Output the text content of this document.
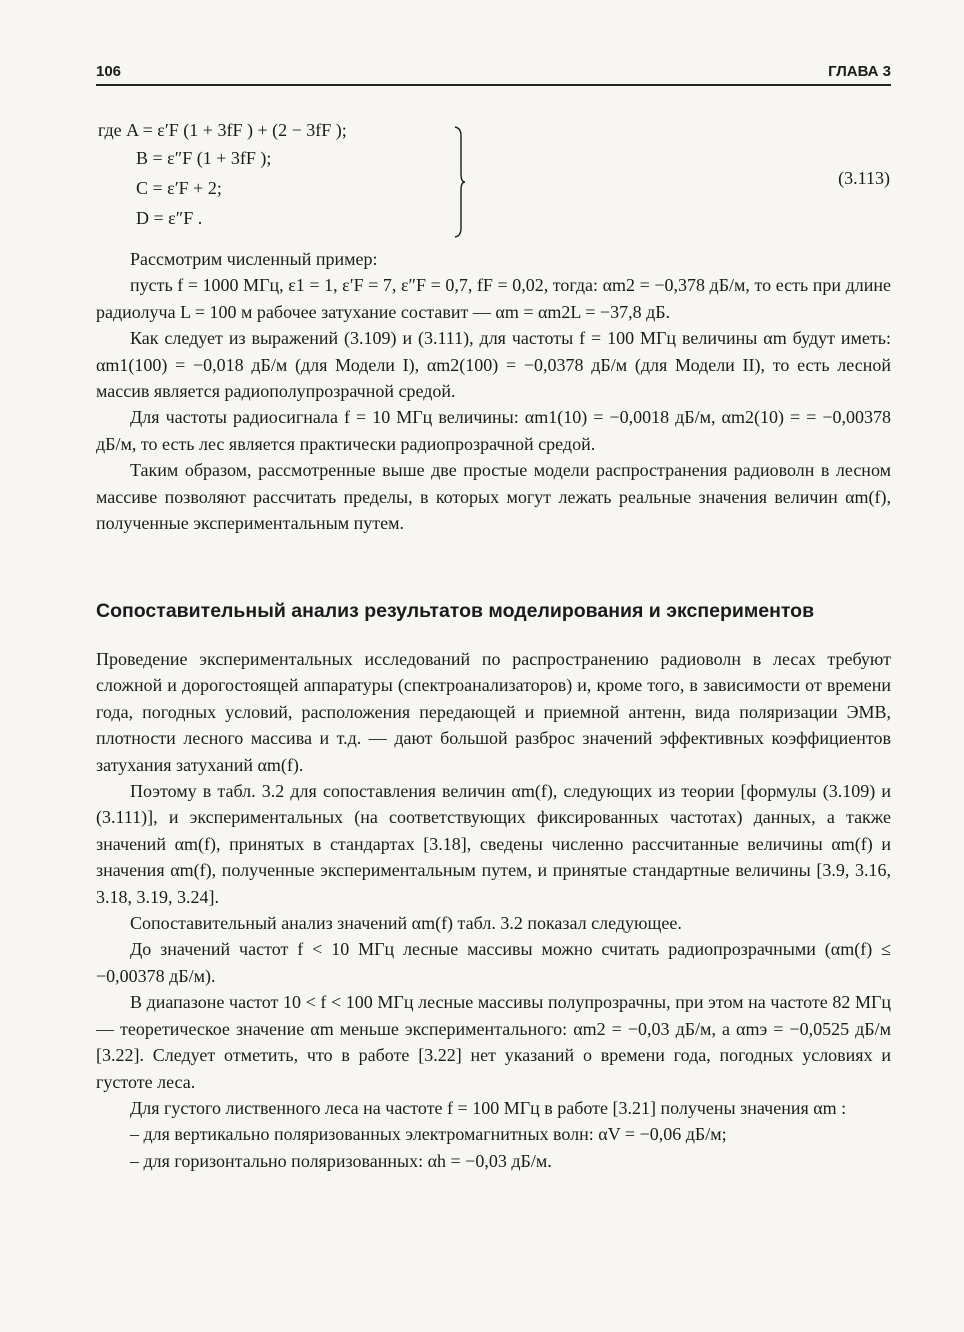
106	ГЛАВА 3
где A = ε′F (1 + 3fF ) + (2 − 3fF );
B = ε″F (1 + 3fF );
C = ε′F + 2;
D = ε″F .
(3.113)

Рассмотрим численный пример:

пусть f = 1000 МГц, ε1 = 1, ε′F = 7, ε″F = 0,7, fF = 0,02, тогда: αm2 = −0,378 дБ/м, то есть при длине радиолуча L = 100 м рабочее затухание составит — αm = αm2L = −37,8 дБ.

Как следует из выражений (3.109) и (3.111), для частоты f = 100 МГц величины αm будут иметь: αm1(100) = −0,018 дБ/м (для Модели I), αm2(100) = −0,0378 дБ/м (для Модели II), то есть лесной массив является радиополупрозрачной средой.

Для частоты радиосигнала f = 10 МГц величины: αm1(10) = −0,0018 дБ/м, αm2(10) = = −0,00378 дБ/м, то есть лес является практически радиопрозрачной средой.

Таким образом, рассмотренные выше две простые модели распространения радиоволн в лесном массиве позволяют рассчитать пределы, в которых могут лежать реальные значения величин αm(f), полученные экспериментальным путем.

Сопоставительный анализ результатов моделирования и экспериментов

Проведение экспериментальных исследований по распространению радиоволн в лесах требуют сложной и дорогостоящей аппаратуры (спектроанализаторов) и, кроме того, в зависимости от времени года, погодных условий, расположения передающей и приемной антенн, вида поляризации ЭМВ, плотности лесного массива и т.д. — дают большой разброс значений эффективных коэффициентов затухания затуханий αm(f).

Поэтому в табл. 3.2 для сопоставления величин αm(f), следующих из теории [формулы (3.109) и (3.111)], и экспериментальных (на соответствующих фиксированных частотах) данных, а также значений αm(f), принятых в стандартах [3.18], сведены численно рассчитанные величины αm(f) и значения αm(f), полученные экспериментальным путем, и принятые стандартные величины [3.9, 3.16, 3.18, 3.19, 3.24].

Сопоставительный анализ значений αm(f) табл. 3.2 показал следующее.

До значений частот f < 10 МГц лесные массивы можно считать радиопрозрачными (αm(f) ≤ −0,00378 дБ/м).

В диапазоне частот 10 < f < 100 МГц лесные массивы полупрозрачны, при этом на частоте 82 МГц — теоретическое значение αm меньше экспериментального: αm2 = −0,03 дБ/м, а αmэ = −0,0525 дБ/м [3.22]. Следует отметить, что в работе [3.22] нет указаний о времени года, погодных условиях и густоте леса.

Для густого лиственного леса на частоте f = 100 МГц в работе [3.21] получены значения αm :

– для вертикально поляризованных электромагнитных волн: αV = −0,06 дБ/м;

– для горизонтально поляризованных: αh = −0,03 дБ/м.
